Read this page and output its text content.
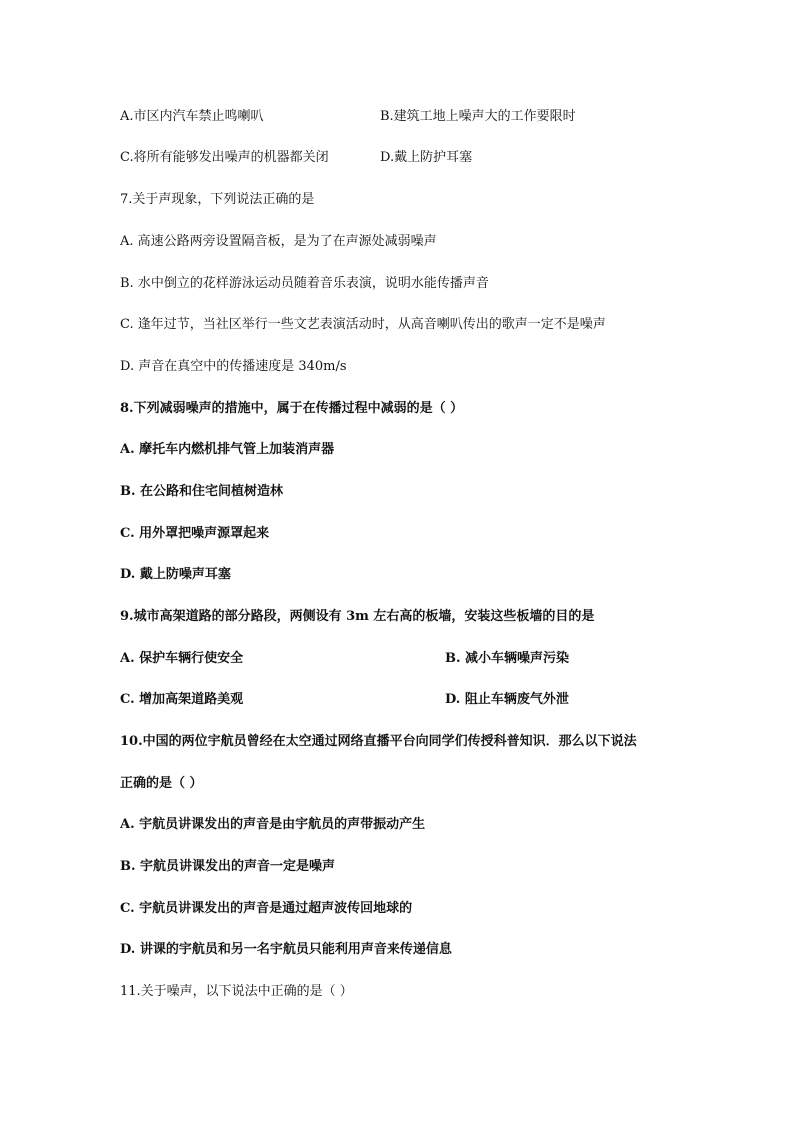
A.市区内汽车禁止鸣喇叭	B.建筑工地上噪声大的工作要限时
C.将所有能够发出噪声的机器都关闭	D.戴上防护耳塞
7.关于声现象，下列说法正确的是
A. 高速公路两旁设置隔音板，是为了在声源处减弱噪声
B. 水中倒立的花样游泳运动员随着音乐表演，说明水能传播声音
C. 逢年过节，当社区举行一些文艺表演活动时，从高音喇叭传出的歌声一定不是噪声
D. 声音在真空中的传播速度是 340m/s
8.下列减弱噪声的措施中，属于在传播过程中减弱的是（ ）
A. 摩托车内燃机排气管上加装消声器
B. 在公路和住宅间植树造林
C. 用外罩把噪声源罩起来
D. 戴上防噪声耳塞
9.城市高架道路的部分路段，两侧设有 3m 左右高的板墙，安装这些板墙的目的是
A. 保护车辆行使安全	B. 减小车辆噪声污染
C. 增加高架道路美观	D. 阻止车辆废气外泄
10.中国的两位宇航员曾经在太空通过网络直播平台向同学们传授科普知识．那么以下说法
正确的是（ ）
A. 宇航员讲课发出的声音是由宇航员的声带振动产生
B. 宇航员讲课发出的声音一定是噪声
C. 宇航员讲课发出的声音是通过超声波传回地球的
D. 讲课的宇航员和另一名宇航员只能利用声音来传递信息
11.关于噪声，以下说法中正确的是（ ）
